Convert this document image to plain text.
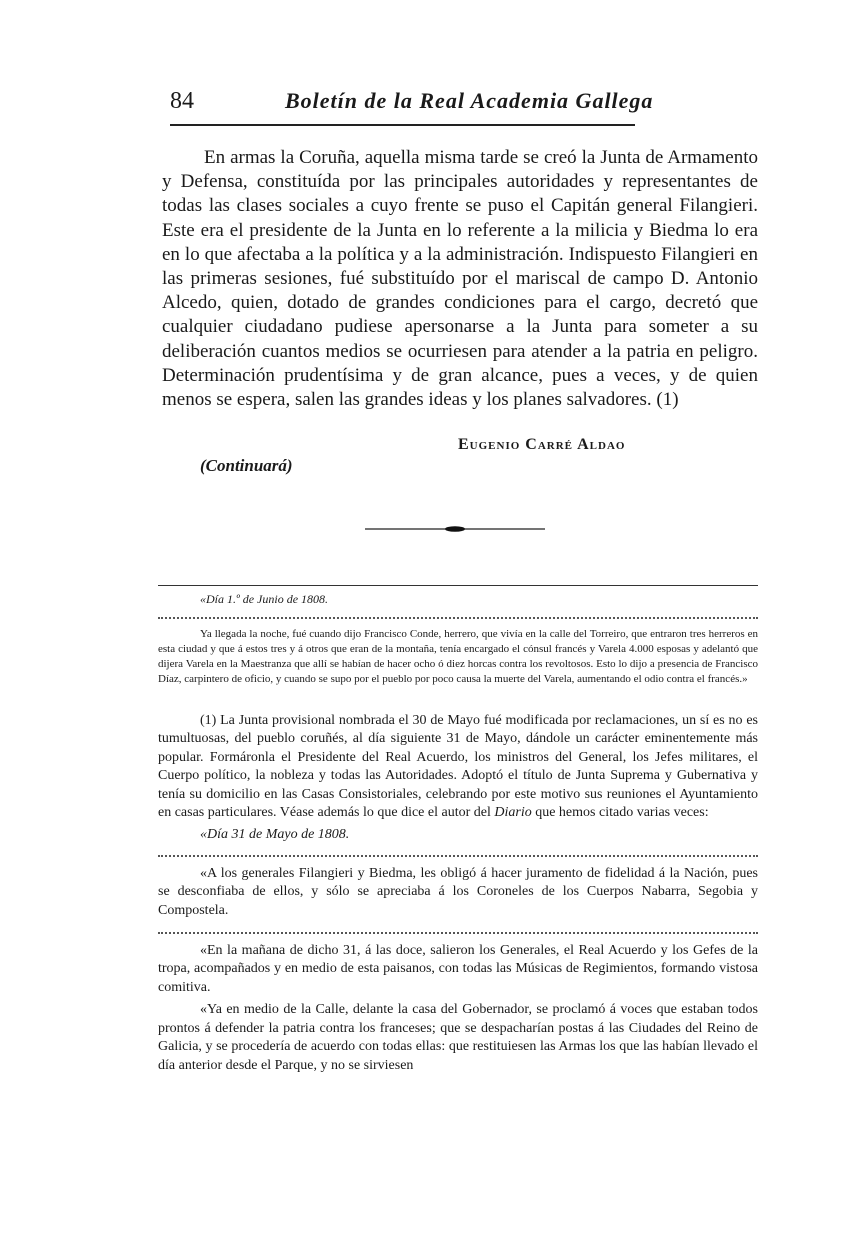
84	Boletín de la Real Academia Gallega

En armas la Coruña, aquella misma tarde se creó la Junta de Armamento y Defensa, constituída por las principales autoridades y representantes de todas las clases sociales a cuyo frente se puso el Capitán general Filangieri. Este era el presidente de la Junta en lo referente a la milicia y Biedma lo era en lo que afectaba a la política y a la administración. Indispuesto Filangieri en las primeras sesiones, fué substituído por el mariscal de campo D. Antonio Alcedo, quien, dotado de grandes condiciones para el cargo, decretó que cualquier ciudadano pudiese apersonarse a la Junta para someter a su deliberación cuantos medios se ocurriesen para atender a la patria en peligro. Determinación prudentísima y de gran alcance, pues a veces, y de quien menos se espera, salen las grandes ideas y los planes salvadores. (1)

Eugenio Carré Aldao
(Continuará)
«Día 1.º de Junio de 1808.

Ya llegada la noche, fué cuando dijo Francisco Conde, herrero, que vivía en la calle del Torreiro, que entraron tres herreros en esta ciudad y que á estos tres y á otros que eran de la montaña, tenía encargado el cónsul francés y Varela 4.000 esposas y adelantó que dijera Varela en la Maestranza que allí se habían de hacer ocho ó diez horcas contra los revoltosos. Esto lo dijo a presencia de Francisco Díaz, carpintero de oficio, y cuando se supo por el pueblo por poco causa la muerte del Varela, aumentando el odio contra el francés.»

(1) La Junta provisional nombrada el 30 de Mayo fué modificada por reclamaciones, un sí es no es tumultuosas, del pueblo coruñés, al día siguiente 31 de Mayo, dándole un carácter eminentemente más popular. Formáronla el Presidente del Real Acuerdo, los ministros del General, los Jefes militares, el Cuerpo político, la nobleza y todas las Autoridades. Adoptó el título de Junta Suprema y Gubernativa y tenía su domicilio en las Casas Consistoriales, celebrando por este motivo sus reuniones el Ayuntamiento en casas particulares. Véase además lo que dice el autor del Diario que hemos citado varias veces:

«Día 31 de Mayo de 1808.

«A los generales Filangieri y Biedma, les obligó á hacer juramento de fidelidad á la Nación, pues se desconfiaba de ellos, y sólo se apreciaba á los Coroneles de los Cuerpos Nabarra, Segobia y Compostela.

«En la mañana de dicho 31, á las doce, salieron los Generales, el Real Acuerdo y los Gefes de la tropa, acompañados y en medio de esta paisanos, con todas las Músicas de Regimientos, formando vistosa comitiva.

«Ya en medio de la Calle, delante la casa del Gobernador, se proclamó á voces que estaban todos prontos á defender la patria contra los franceses; que se despacharían postas á las Ciudades del Reino de Galicia, y se procedería de acuerdo con todas ellas: que restituiesen las Armas los que las habían llevado el día anterior desde el Parque, y no se sirviesen
